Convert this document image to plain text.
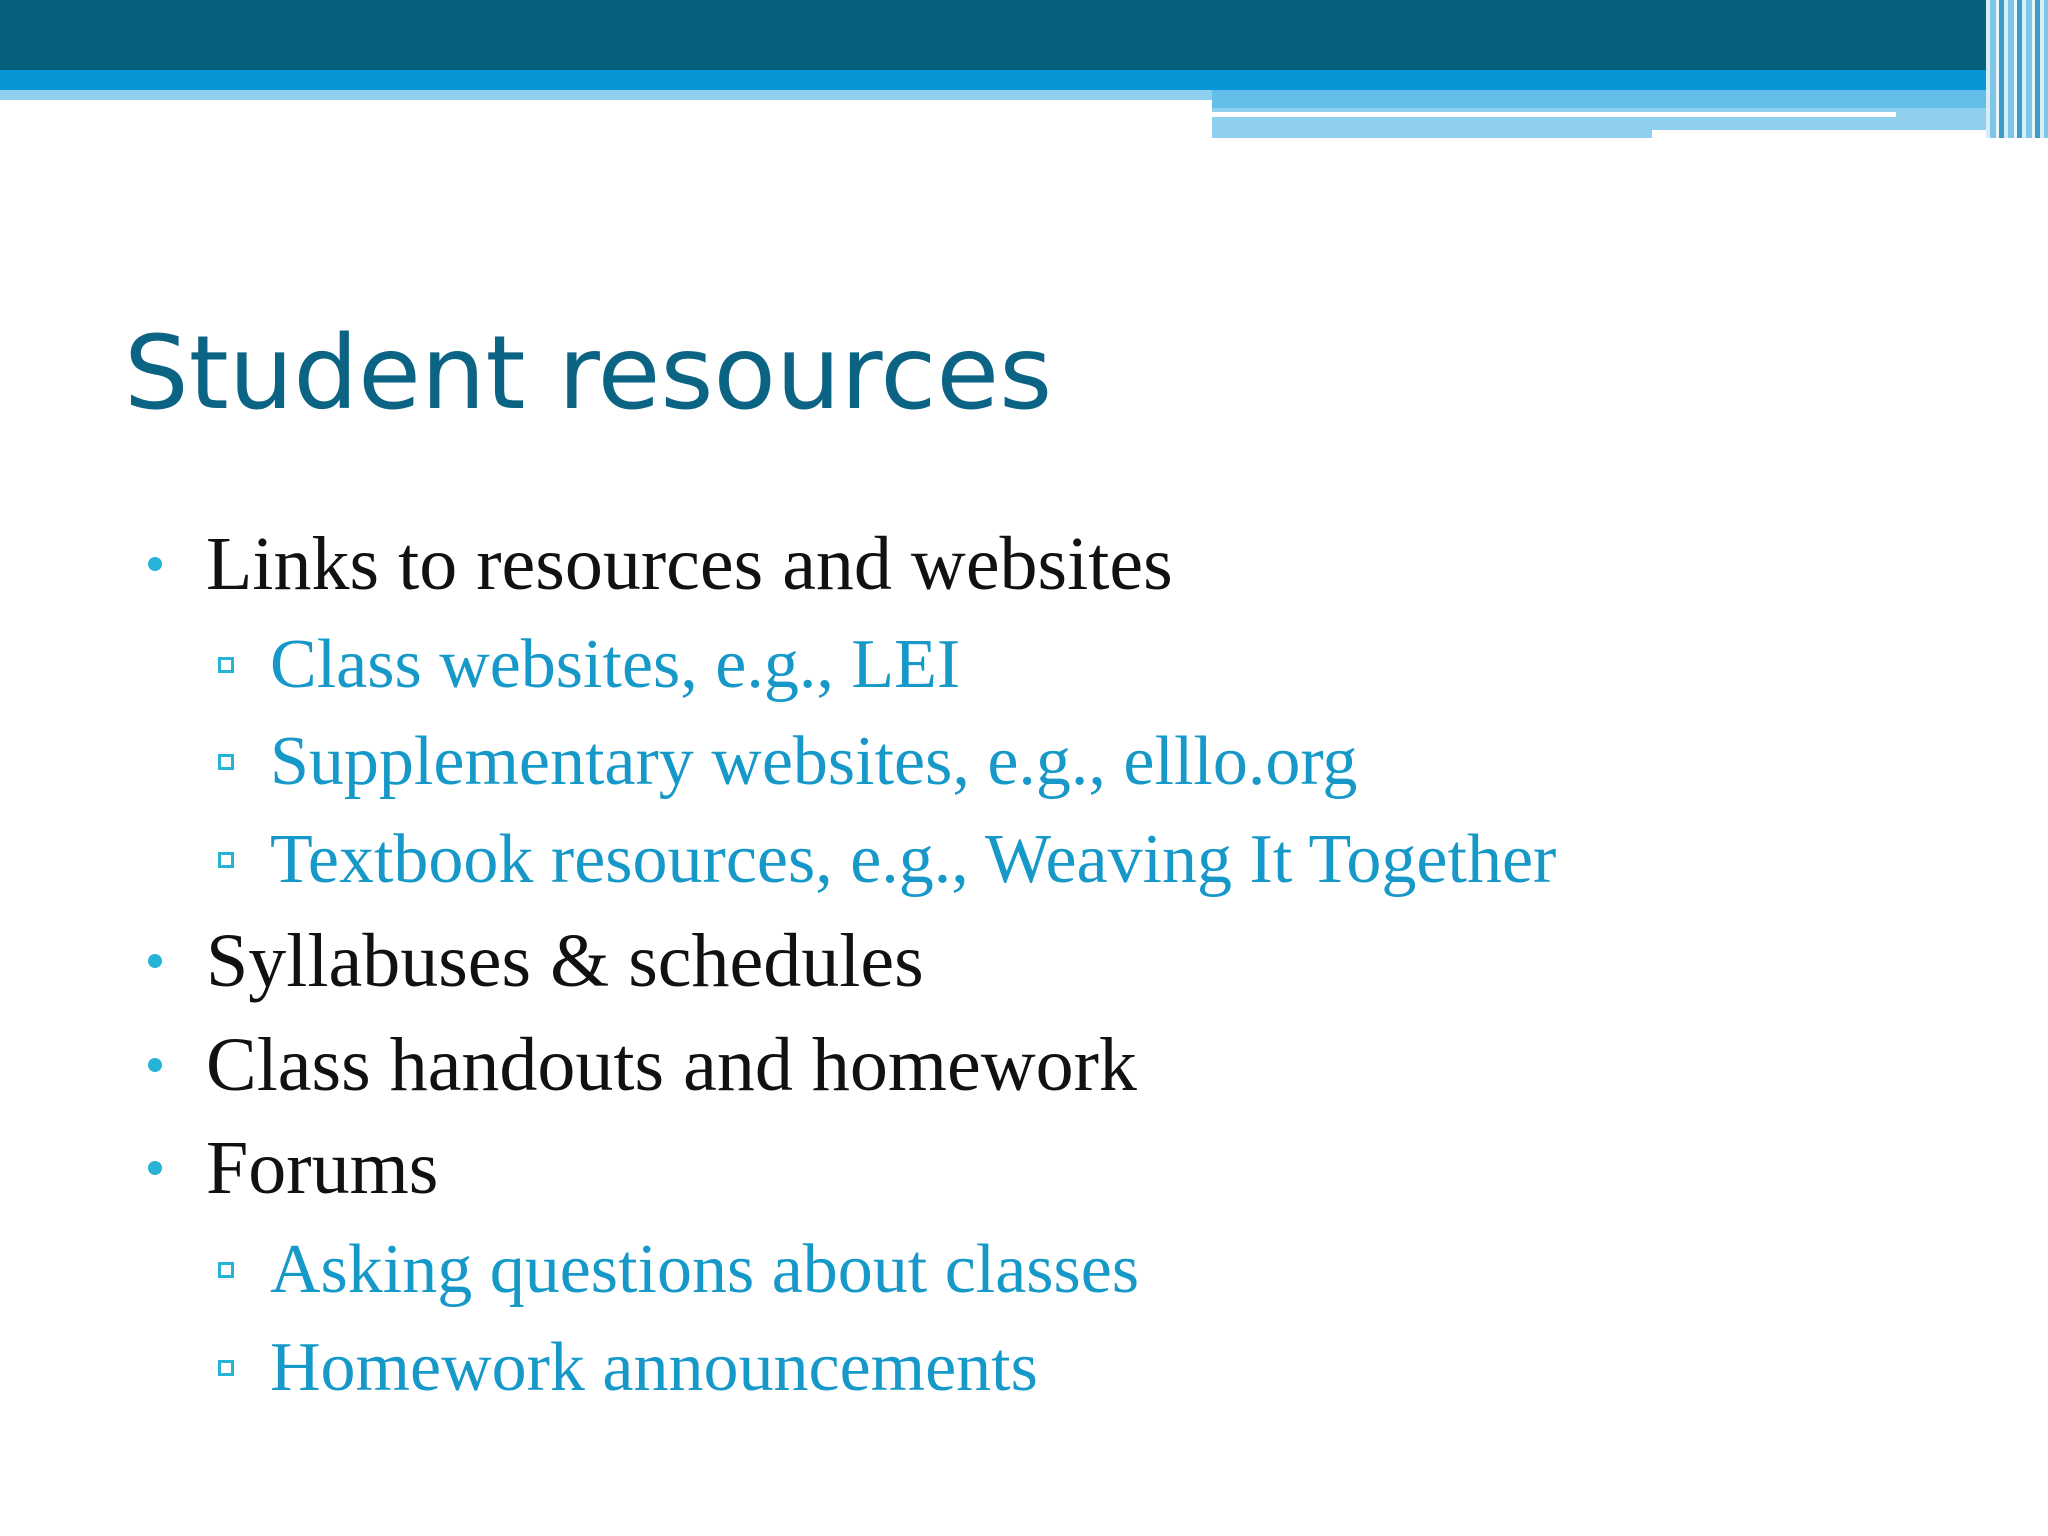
Student resources
Links to resources and websites
Class websites, e.g., LEI
Supplementary websites, e.g., elllo.org
Textbook resources, e.g., Weaving It Together
Syllabuses & schedules
Class handouts and homework
Forums
Asking questions about classes
Homework announcements
